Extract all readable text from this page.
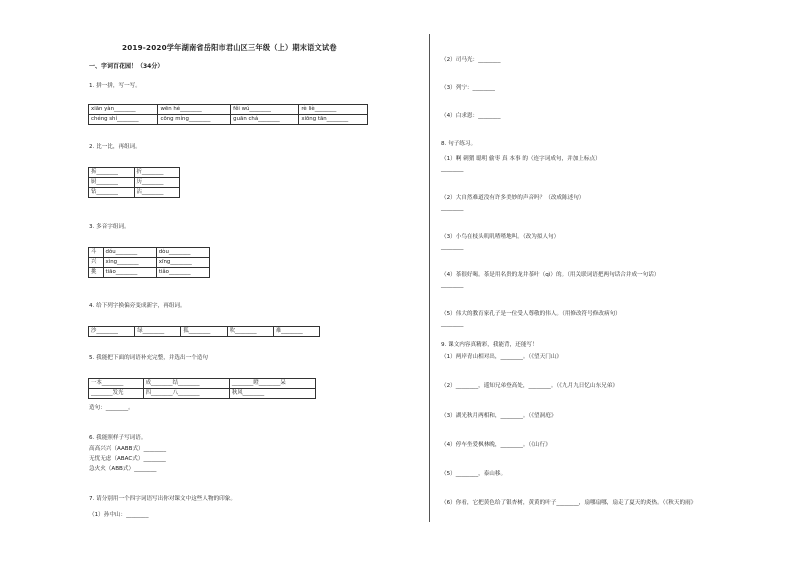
2019-2020学年湖南省岳阳市君山区三年级（上）期末语文试卷
一、字词百花园！（34分）
1. 拼一拼，写一写。
xiān yàn________	wēn hé________	fěi wú________	rè liè________
chéng shí________	cōng míng________	guān chá________	xiōng tān________
2. 比一比，再组词。
拆________	折________
厨________	历________
钻________	沾________
3. 多音字组词。
斗	dǒu________	dòu________
兴	xìng________	xīng________
挑	tiāo________	tiǎo________
4. 给下列字换偏旁变成新字，再组词。
沙________	绿________	狐________	吹________	难________
5. 我能把下面的词语补充完整，并选出一个造句
一本________	成________结________	________瞪________呆
________发光	四________八________	秋风________
造句：________。
6. 我能照样子写词语。
高高兴兴（AABB式）________
无忧无虑（ABAC式）________
急火火（ABB式）________
7. 请分别用一个四字词语写出你对课文中这些人物的印象。
（1）孙中山：________
（2）司马光：________
（3）列宁：________
（4）白求恩：________
8. 句子练习。
（1）啊 刺猬 聪明 偷枣 真 本事 的（连字词成句，并加上标点）
________
（2）大自然难道没有许多美妙的声音吗？（改成陈述句）
________
（3）小鸟在枝头叽叽喳喳地叫。（改为拟人句）
________
（4）茶很好喝。茶是用名贵的龙井茶叶（qì）的。（用关联词语把两句话合并成一句话）
________
（5）伟大的教育家孔子是一位受人尊敬的伟人。（用修改符号修改病句）
________
9. 课文内容真精彩，我能背，还能写！
（1）两岸青山相对出，________。（《望天门山》
（2）________，遥知兄弟登高处，________。（《九月九日忆山东兄弟》
（3）湖光秋月两相和，________。（《望洞庭》
（4）停车坐爱枫林晚，________。（《山行》
（5）________，泰山移。
（6）你看，它把黄色给了银杏树，黄黄的叶子________，扇哪扇哪，扇走了夏天的炎热。（《秋天的雨》
